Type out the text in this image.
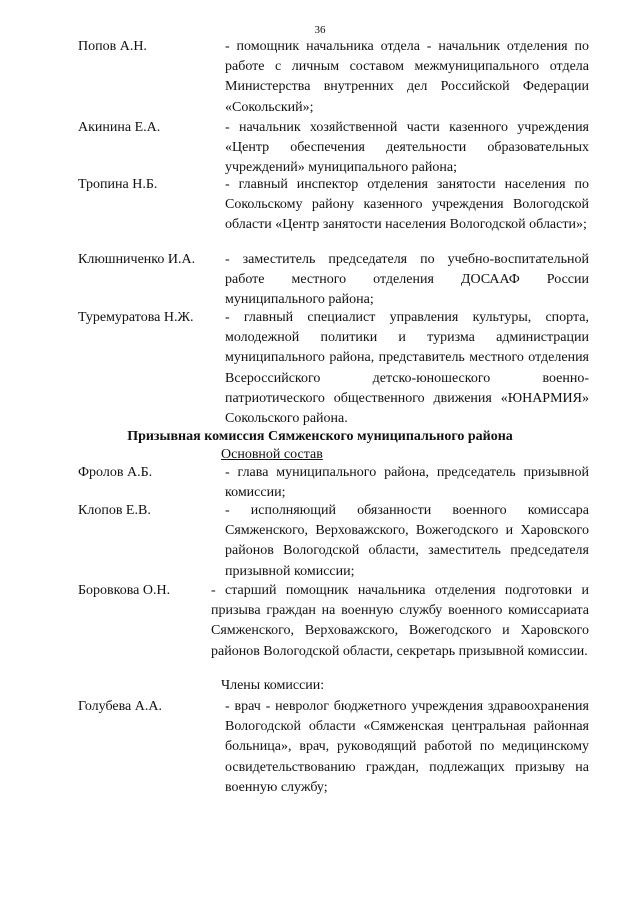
36
Попов А.Н.	- помощник начальника отдела - начальник отделения по работе с личным составом межмуниципального отдела Министерства внутренних дел Российской Федерации «Сокольский»;
Акинина Е.А.	- начальник хозяйственной части казенного учреждения «Центр обеспечения деятельности образовательных учреждений» муниципального района;
Тропина Н.Б.	- главный инспектор отделения занятости населения по Сокольскому району казенного учреждения Вологодской области «Центр занятости населения Вологодской области»;
Клюшниченко И.А. - заместитель председателя по учебно-воспитательной работе местного отделения ДОСААФ России муниципального района;
Туремуратова Н.Ж. - главный специалист управления культуры, спорта, молодежной политики и туризма администрации муниципального района, представитель местного отделения Всероссийского детско-юношеского военно-патриотического общественного движения «ЮНАРМИЯ» Сокольского района.
Призывная комиссия Сямженского муниципального района
Основной состав
Фролов А.Б.	- глава муниципального района, председатель призывной комиссии;
Клопов Е.В.	- исполняющий обязанности военного комиссара Сямженского, Верховажского, Вожегодского и Харовского районов Вологодской области, заместитель председателя призывной комиссии;
Боровкова О.Н.	- старший помощник начальника отделения подготовки и призыва граждан на военную службу военного комиссариата Сямженского, Верховажского, Вожегодского и Харовского районов Вологодской области, секретарь призывной комиссии.
Члены комиссии:
Голубева А.А.	- врач - невролог бюджетного учреждения здравоохранения Вологодской области «Сямженская центральная районная больница», врач, руководящий работой по медицинскому освидетельствованию граждан, подлежащих призыву на военную службу;
